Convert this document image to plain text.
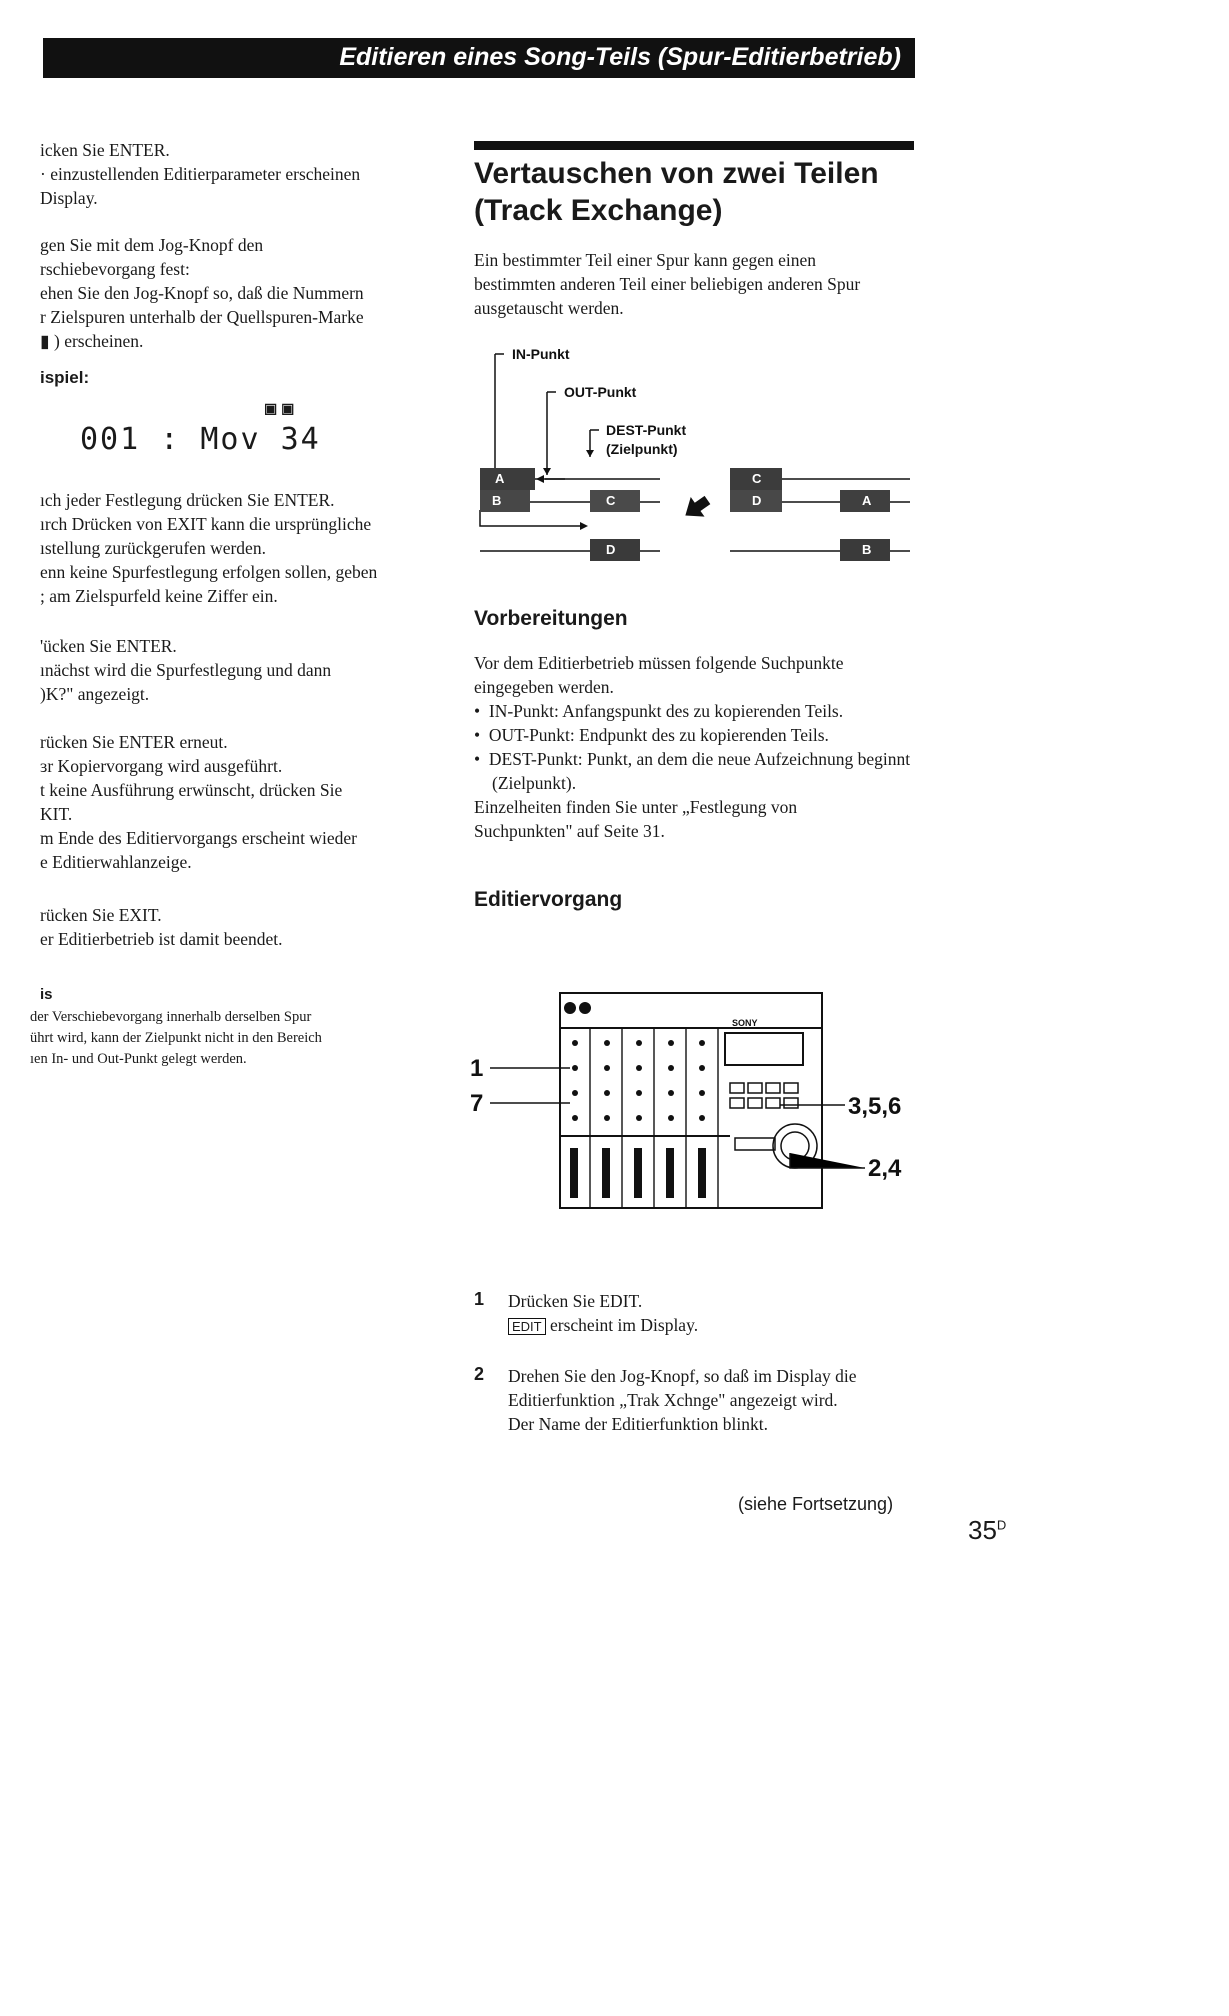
Editieren eines Song-Teils (Spur-Editierbetrieb)
icken Sie ENTER.
· einzustellenden Editierparameter erscheinen
Display.
gen Sie mit dem Jog-Knopf den
rschiebevorgang fest:
ehen Sie den Jog-Knopf so, daß die Nummern
r Zielspuren unterhalb der Quellspuren-Marke
▮ ) erscheinen.
ispiel:
▣ ▣
001 : Mov 34
ıch jeder Festlegung drücken Sie ENTER.
ırch Drücken von EXIT kann die ursprüngliche
ıstellung zurückgerufen werden.
enn keine Spurfestlegung erfolgen sollen, geben
; am Zielspurfeld keine Ziffer ein.
'ücken Sie ENTER.
ınächst wird die Spurfestlegung und dann
)K?" angezeigt.
rücken Sie ENTER erneut.
ɜr Kopiervorgang wird ausgeführt.
t keine Ausführung erwünscht, drücken Sie
KIT.
m Ende des Editiervorgangs erscheint wieder
e Editierwahlanzeige.
rücken Sie EXIT.
er Editierbetrieb ist damit beendet.
is
der Verschiebevorgang innerhalb derselben Spur
ührt wird, kann der Zielpunkt nicht in den Bereich
ıen In- und Out-Punkt gelegt werden.
Vertauschen von zwei Teilen
(Track Exchange)
Ein bestimmter Teil einer Spur kann gegen einen
bestimmten anderen Teil einer beliebigen anderen Spur
ausgetauscht werden.
A
B	C
D
C
D	A
B
IN-Punkt
OUT-Punkt
DEST-Punkt
(Zielpunkt)
Vorbereitungen
Vor dem Editierbetrieb müssen folgende Suchpunkte
eingegeben werden.
•  IN-Punkt: Anfangspunkt des zu kopierenden Teils.
•  OUT-Punkt: Endpunkt des zu kopierenden Teils.
•  DEST-Punkt: Punkt, an dem die neue Aufzeichnung beginnt (Zielpunkt).
Einzelheiten finden Sie unter „Festlegung von
Suchpunkten" auf Seite 31.
Editiervorgang
SONY
1
7	3,5,6
2,4
1 Drücken Sie EDIT.
EDIT erscheint im Display.
2 Drehen Sie den Jog-Knopf, so daß im Display die
Editierfunktion „Trak Xchnge" angezeigt wird.
Der Name der Editierfunktion blinkt.
(siehe Fortsetzung)
$35^D$
